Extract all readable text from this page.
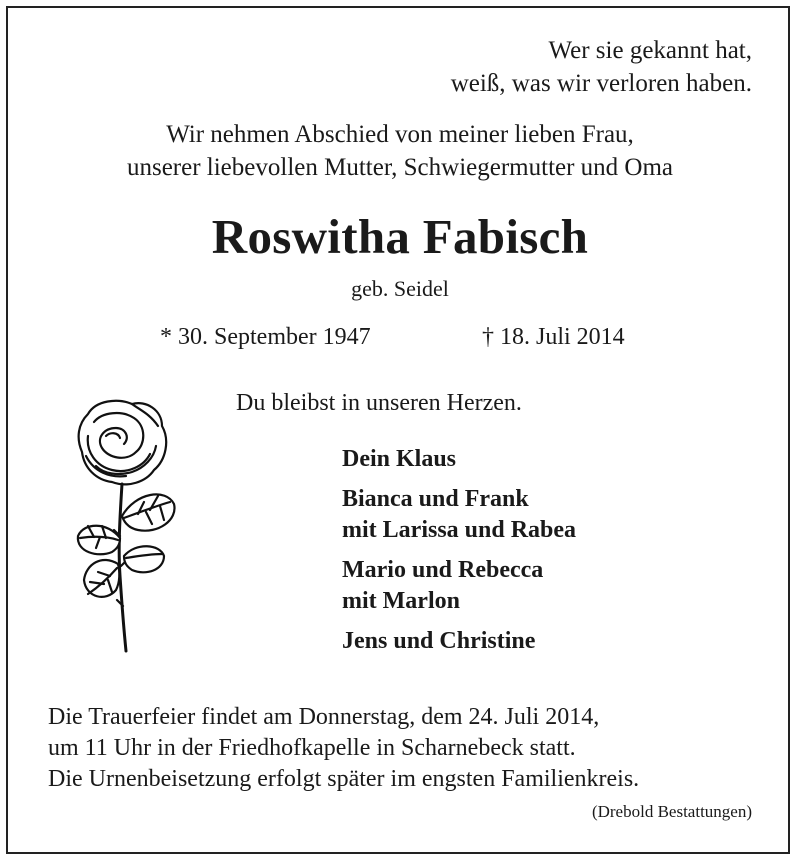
Wer sie gekannt hat,
weiß, was wir verloren haben.
Wir nehmen Abschied von meiner lieben Frau,
unserer liebevollen Mutter, Schwiegermutter und Oma
Roswitha Fabisch
geb. Seidel
* 30. September 1947	† 18. Juli 2014
Du bleibst in unseren Herzen.
Dein Klaus
Bianca und Frank
mit Larissa und Rabea
Mario und Rebecca
mit Marlon
Jens und Christine
Die Trauerfeier findet am Donnerstag, dem 24. Juli 2014,
um 11 Uhr in der Friedhofkapelle in Scharnebeck statt.
Die Urnenbeisetzung erfolgt später im engsten Familienkreis.
(Drebold Bestattungen)
